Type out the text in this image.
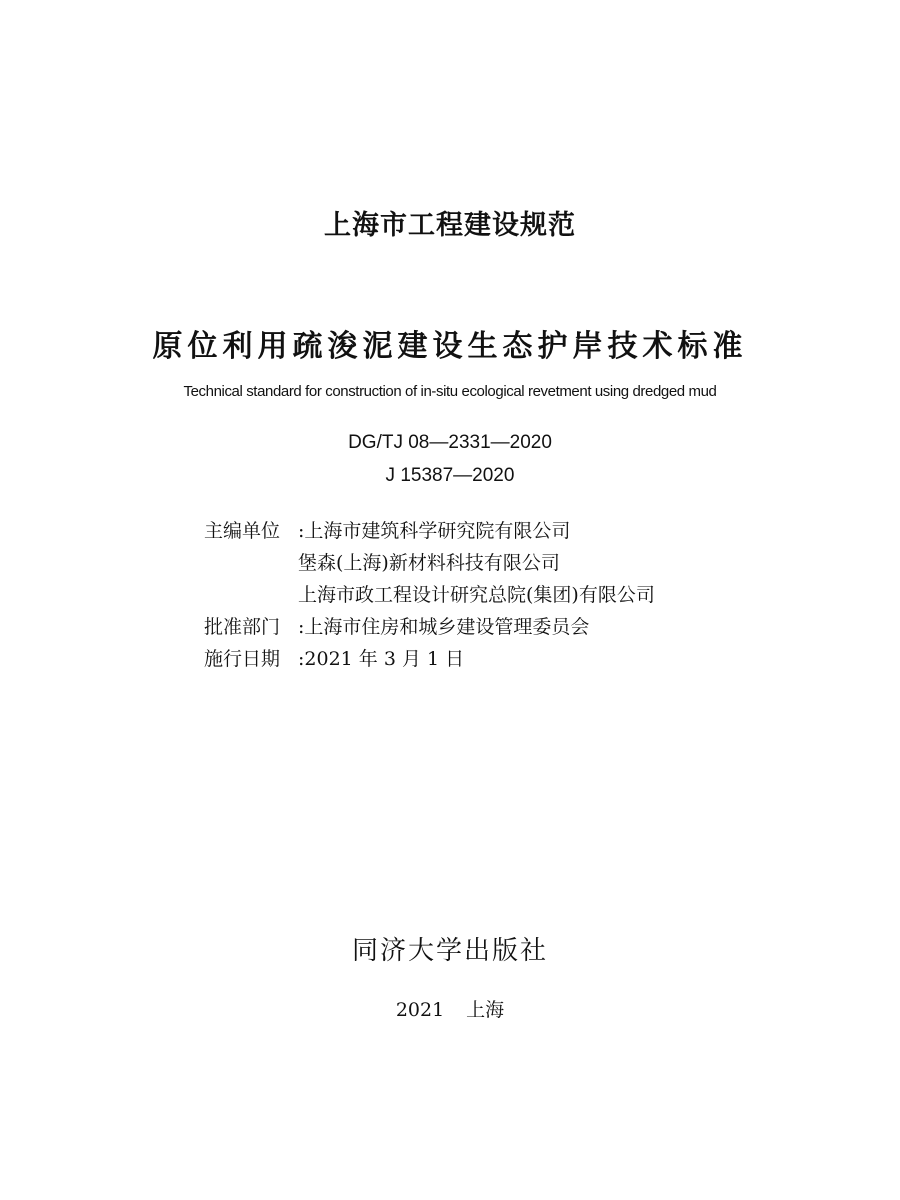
上海市工程建设规范
原位利用疏浚泥建设生态护岸技术标准
Technical standard for construction of in-situ ecological revetment using dredged mud
DG/TJ 08—2331—2020
J 15387—2020
主编单位 :上海市建筑科学研究院有限公司
堡森(上海)新材料科技有限公司
上海市政工程设计研究总院(集团)有限公司
批准部门 :上海市住房和城乡建设管理委员会
施行日期 :2021 年 3 月 1 日
同济大学出版社
2021 上海
